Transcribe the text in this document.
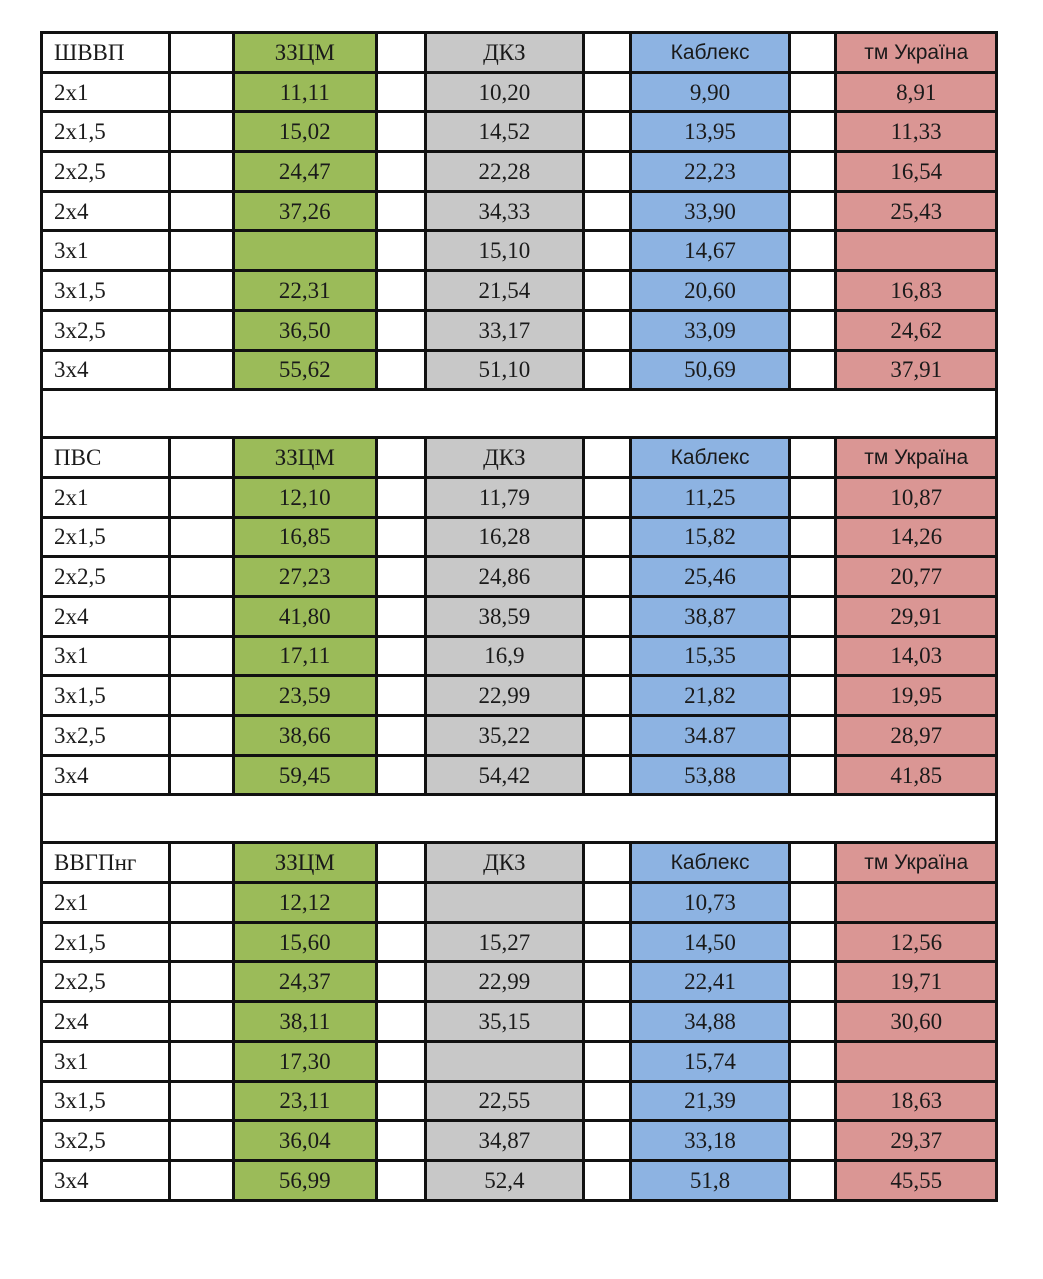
ШВВП		ЗЗЦМ		ДКЗ		Каблекс		тм Україна
2х1		11,11		10,20		9,90		8,91
2х1,5		15,02		14,52		13,95		11,33
2х2,5		24,47		22,28		22,23		16,54
2х4		37,26		34,33		33,90		25,43
3х1				15,10		14,67		
3х1,5		22,31		21,54		20,60		16,83
3х2,5		36,50		33,17		33,09		24,62
3х4		55,62		51,10		50,69		37,91

ПВС		ЗЗЦМ		ДКЗ		Каблекс		тм Україна
2х1		12,10		11,79		11,25		10,87
2х1,5		16,85		16,28		15,82		14,26
2х2,5		27,23		24,86		25,46		20,77
2х4		41,80		38,59		38,87		29,91
3х1		17,11		16,9		15,35		14,03
3х1,5		23,59		22,99		21,82		19,95
3х2,5		38,66		35,22		34.87		28,97
3х4		59,45		54,42		53,88		41,85

ВВГПнг		ЗЗЦМ		ДКЗ		Каблекс		тм Україна
2х1		12,12				10,73		
2х1,5		15,60		15,27		14,50		12,56
2х2,5		24,37		22,99		22,41		19,71
2х4		38,11		35,15		34,88		30,60
3х1		17,30				15,74		
3х1,5		23,11		22,55		21,39		18,63
3х2,5		36,04		34,87		33,18		29,37
3х4		56,99		52,4		51,8		45,55
